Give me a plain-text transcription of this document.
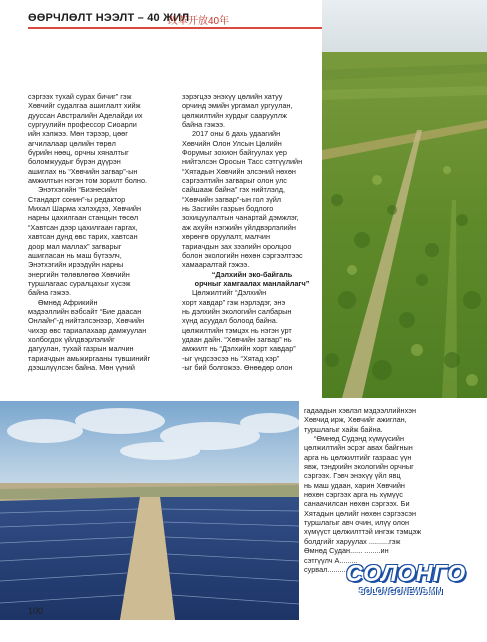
ӨӨРЧЛӨЛТ НЭЭЛТ – 40 ЖИЛ
改革开放40年

сэргээх тухай сурах бичиг” гэж

Хөвчийг судалгаа ашиглалт хийж

дуусcан Австралийн Аделайди их

сургуулийн профессор Сиоарли

ийн хэлжээ. Мөн тэрээр, цөөг

агчилалаар цөлийн төрөл

бүрийн нөөц, орчны хяналтыг

боломжуудыг бүрэн дүүрэн

ашиглах нь “Хөвчийн загвар”-ын

амжилтын нэгэн том зорилт болно.

Энэтхэгийн “Бизнесийн

Стандарт сонин”-ы редактор

Михал Шарма хэлэхдээ, Хөвчийн

нарны цахилгаан станцын төсөл

“Хавтсан дээр цахилгаан гаргах,

хавтсан дунд өвс тарих, хавтсан

доор мал маллах” загварыг

ашиглаcан нь маш бүтээлч,

Энэтхэгийн ирээдүйн нарны

энергийн төлөвлөгөө Хөвчийн

туршлагаас суралцахыг хүсэж

байна гэжээ.

Өмнөд Африкийн

мэдээллийн вэбсайт “Бие даасан

Онлайн”-д нийтэлсэнээр, Хөвчийн

чихэр өвс тариалахаар дамжуулан

холбогдох үйлдвэрлэлийг

дагуулан, тухай газрын малчин

тариачдын амьжиргааны түвшинийг

дээшлүүлсэн байна. Мөн үүний

зэрэгцээ энэхүү цөлийн хатуу

орчинд эмийн ургамал ургуулан,

цөлжилтийн хурдыг саарууллж

байна гэжээ.

2017 оны 6 дахь удаагийн

Хөвчийн Олон Улсын Цөлийн

Форумыг зохион байгуулах үер

нийтэлсэн Оросын Тасс сэтгүүлийн

“Хятадын Хөвчийн элсэний нөхөн

сэргээлтийн загварыг олон улс

сайшааж байна” гэх нийтлэлд,

“Хөвчийн загвар”-ын гол зүйл

нь Засгийн газрын бодлого

зохицуулалтын чанартай дэмжлэг,

аж ахуйн нэгжийн үйлдвэрлэлийн

хөрөнгө оруулалт, малчин

тариачдын зах зээлийн оролцоо

болон экологийн нөхөн сэргээлтээс

хамааралтай гэжээ.

“Дэлхийн эко-байгаль

орчныг хамгаалах манлайлагч”

Цөлжилтийг “Дэлхийн

хорт хавдар” гэж нэрлэдэг, энэ

нь дэлхийн экологийн салбарын

хүнд асуудал болоод байна.

цөлжилтийн тэмцэх нь нэгэн урт

удаан дайн. “Хөвчийн загвар” нь

амжилт нь “Дэлхийн хорт хавдар”

-ыг үндсээсээ нь “Хятад хэр”

-ыг бий болгожээ. Өнөөдөр олон

гадаадын хэвлэл мэдээллийнхэн

Хөвчид ирж, Хөвчийг ажиглан,

туршлагыг хайж байна.

“Өмнөд Судэнд хүмүүсийн

цөлжилтийн эсрэг авах байгнын

арга нь цөлжилтийг газраас үүн

явж, тэндхийн экологийн орчныг

сэргээх. Гэвч энэхүү үйл явц

нь маш удаан, харин Хөвчийн

нөхөн сэргээх арга нь хүмүүс

санаачилсан нөхөн сэргээх. Би

Хятадын цөлийг нөхөн сэргээсэн

туршлагыг авч очин, илүү олон

хүмүүст цөлжилттэй ингэж тэмцэж

болдгийг харуулах ..........гэж

Өмнөд Судан...... ........ин

сэтгүүлч А.........

сурвал...........

100
СОЛОНГО
SOLONGONEWS.MN
